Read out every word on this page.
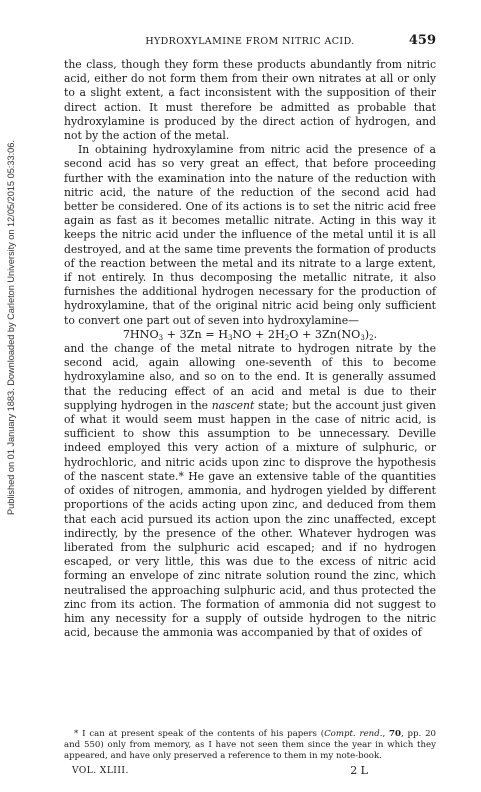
Published on 01 January 1883. Downloaded by Carleton University on 12/05/2015 05:33:06.
HYDROXYLAMINE FROM NITRIC ACID.	459

the class, though they form these products abundantly from nitric acid, either do not form them from their own nitrates at all or only to a slight extent, a fact inconsistent with the supposition of their direct action. It must therefore be admitted as probable that hydroxylamine is produced by the direct action of hydrogen, and not by the action of the metal.

In obtaining hydroxylamine from nitric acid the presence of a second acid has so very great an effect, that before proceeding further with the examination into the nature of the reduction with nitric acid, the nature of the reduction of the second acid had better be considered. One of its actions is to set the nitric acid free again as fast as it becomes metallic nitrate. Acting in this way it keeps the nitric acid under the influence of the metal until it is all destroyed, and at the same time prevents the formation of products of the reaction between the metal and its nitrate to a large extent, if not entirely. In thus decomposing the metallic nitrate, it also furnishes the additional hydrogen necessary for the production of hydroxylamine, that of the original nitric acid being only sufficient to convert one part out of seven into hydroxylamine—

$7HNO_3 + 3Zn = H_3NO + 2H_2O + 3Zn(NO_3)_2$.

and the change of the metal nitrate to hydrogen nitrate by the second acid, again allowing one-seventh of this to become hydroxylamine also, and so on to the end. It is generally assumed that the reducing effect of an acid and metal is due to their supplying hydrogen in the nascent state; but the account just given of what it would seem must happen in the case of nitric acid, is sufficient to show this assumption to be unnecessary. Deville indeed employed this very action of a mixture of sulphuric, or hydrochloric, and nitric acids upon zinc to disprove the hypothesis of the nascent state.* He gave an extensive table of the quantities of oxides of nitrogen, ammonia, and hydrogen yielded by different proportions of the acids acting upon zinc, and deduced from them that each acid pursued its action upon the zinc unaffected, except indirectly, by the presence of the other. Whatever hydrogen was liberated from the sulphuric acid escaped; and if no hydrogen escaped, or very little, this was due to the excess of nitric acid forming an envelope of zinc nitrate solution round the zinc, which neutralised the approaching sulphuric acid, and thus protected the zinc from its action. The formation of ammonia did not suggest to him any necessity for a supply of outside hydrogen to the nitric acid, because the ammonia was accompanied by that of oxides of

* I can at present speak of the contents of his papers (Compt. rend., 70, pp. 20 and 550) only from memory, as I have not seen them since the year in which they appeared, and have only preserved a reference to them in my note-book.
VOL. XLIII.	2 L
